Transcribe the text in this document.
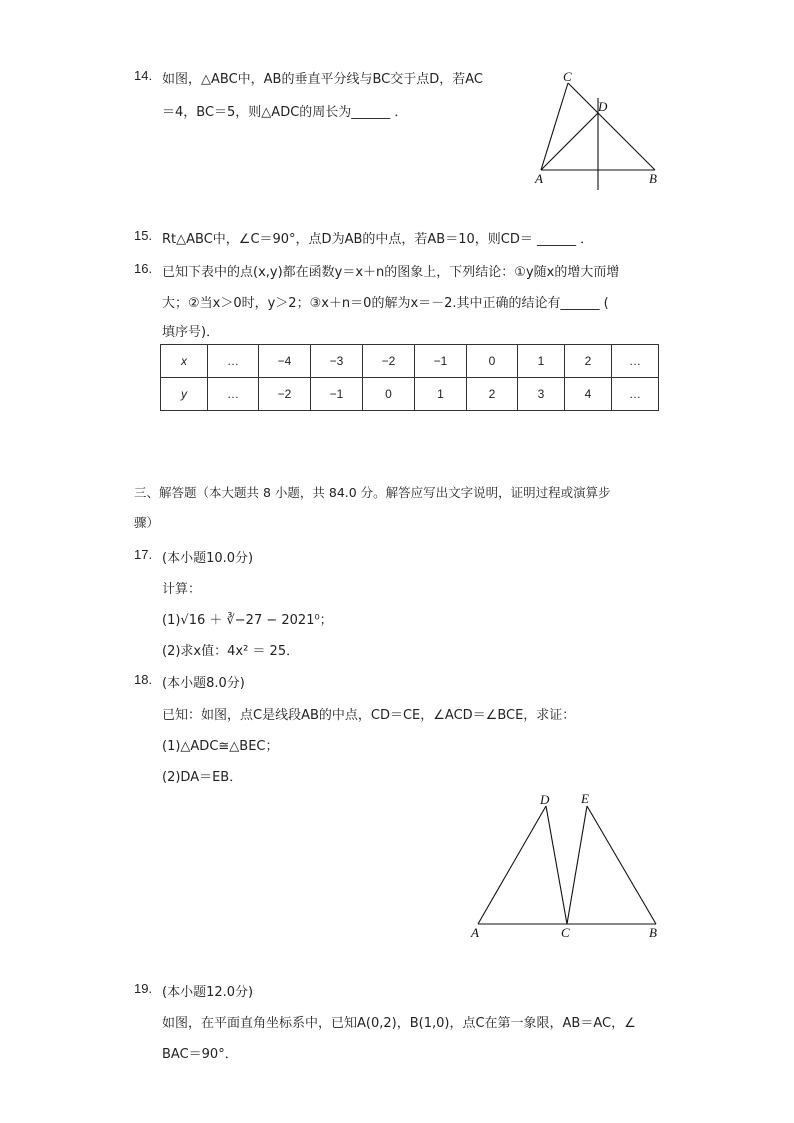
14. 如图，△ABC中，AB的垂直平分线与BC交于点D，若AC
＝4，BC＝5，则△ADC的周长为______ ．
C
D
A	B
15. Rt△ABC中，∠C＝90°，点D为AB的中点，若AB＝10，则CD＝ ______ ．
16. 已知下表中的点(x,y)都在函数y＝x＋n的图象上，下列结论：①y随x的增大而增
大；②当x＞0时，y＞2；③x＋n＝0的解为x＝－2.其中正确的结论有______ (
填序号)．
x	…	−4	−3	−2	−1	0	1	2	…
y	…	−2	−1	0	1	2	3	4	…
三、解答题（本大题共 8 小题，共 84.0 分。解答应写出文字说明，证明过程或演算步
骤）
17. (本小题10.0分)
计算：
(1)√16 ＋ ∛−27 − 2021⁰；
(2)求x值：4x² ＝ 25．
18. (本小题8.0分)
已知：如图，点C是线段AB的中点，CD＝CE，∠ACD＝∠BCE，求证：
(1)△ADC≅△BEC；
(2)DA＝EB．
D E
A	C	B
19. (本小题12.0分)
如图，在平面直角坐标系中，已知A(0,2)，B(1,0)，点C在第一象限，AB＝AC，∠
BAC＝90°．
